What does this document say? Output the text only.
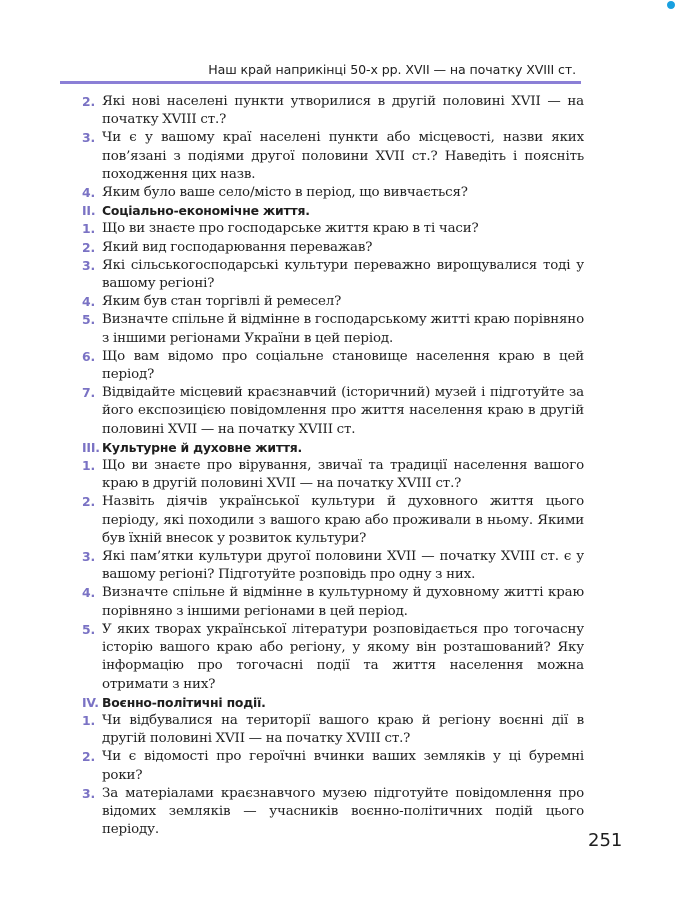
Наш край наприкінці 50-х рр. XVII — на початку XVIII ст.
2. Які нові населені пункти утворилися в другій половині XVII — на початку XVIII ст.?
3. Чи є у вашому краї населені пункти або місцевості, назви яких пов’язані з подіями другої половини XVII ст.? Наведіть і поясніть походження цих назв.
4. Яким було ваше село/місто в період, що вивчається?
II. Соціально-економічне життя.
1. Що ви знаєте про господарське життя краю в ті часи?
2. Який вид господарювання переважав?
3. Які сільськогосподарські культури переважно вирощувалися тоді у вашому регіоні?
4. Яким був стан торгівлі й ремесел?
5. Визначте спільне й відмінне в господарському житті краю порівняно з іншими регіонами України в цей період.
6. Що вам відомо про соціальне становище населення краю в цей період?
7. Відвідайте місцевий краєзнавчий (історичний) музей і підготуйте за його експозицією повідомлення про життя населення краю в другій половині XVII — на початку XVIII ст.
III. Культурне й духовне життя.
1. Що ви знаєте про вірування, звичаї та традиції населення вашого краю в другій половині XVII — на початку XVIII ст.?
2. Назвіть діячів української культури й духовного життя цього періоду, які походили з вашого краю або проживали в ньому. Якими був їхній внесок у розвиток культури?
3. Які пам’ятки культури другої половини XVII — початку XVIII ст. є у вашому регіоні? Підготуйте розповідь про одну з них.
4. Визначте спільне й відмінне в культурному й духовному житті краю порівняно з іншими регіонами в цей період.
5. У яких творах української літератури розповідається про тогочасну історію вашого краю або регіону, у якому він розташований? Яку інформацію про тогочасні події та життя населення можна отримати з них?
IV. Воєнно-політичні події.
1. Чи відбувалися на території вашого краю й регіону воєнні дії в другій половині XVII — на початку XVIII ст.?
2. Чи є відомості про героїчні вчинки ваших земляків у ці буремні роки?
3. За матеріалами краєзнавчого музею підготуйте повідомлення про відомих земляків — учасників воєнно-політичних подій цього періоду.
251
